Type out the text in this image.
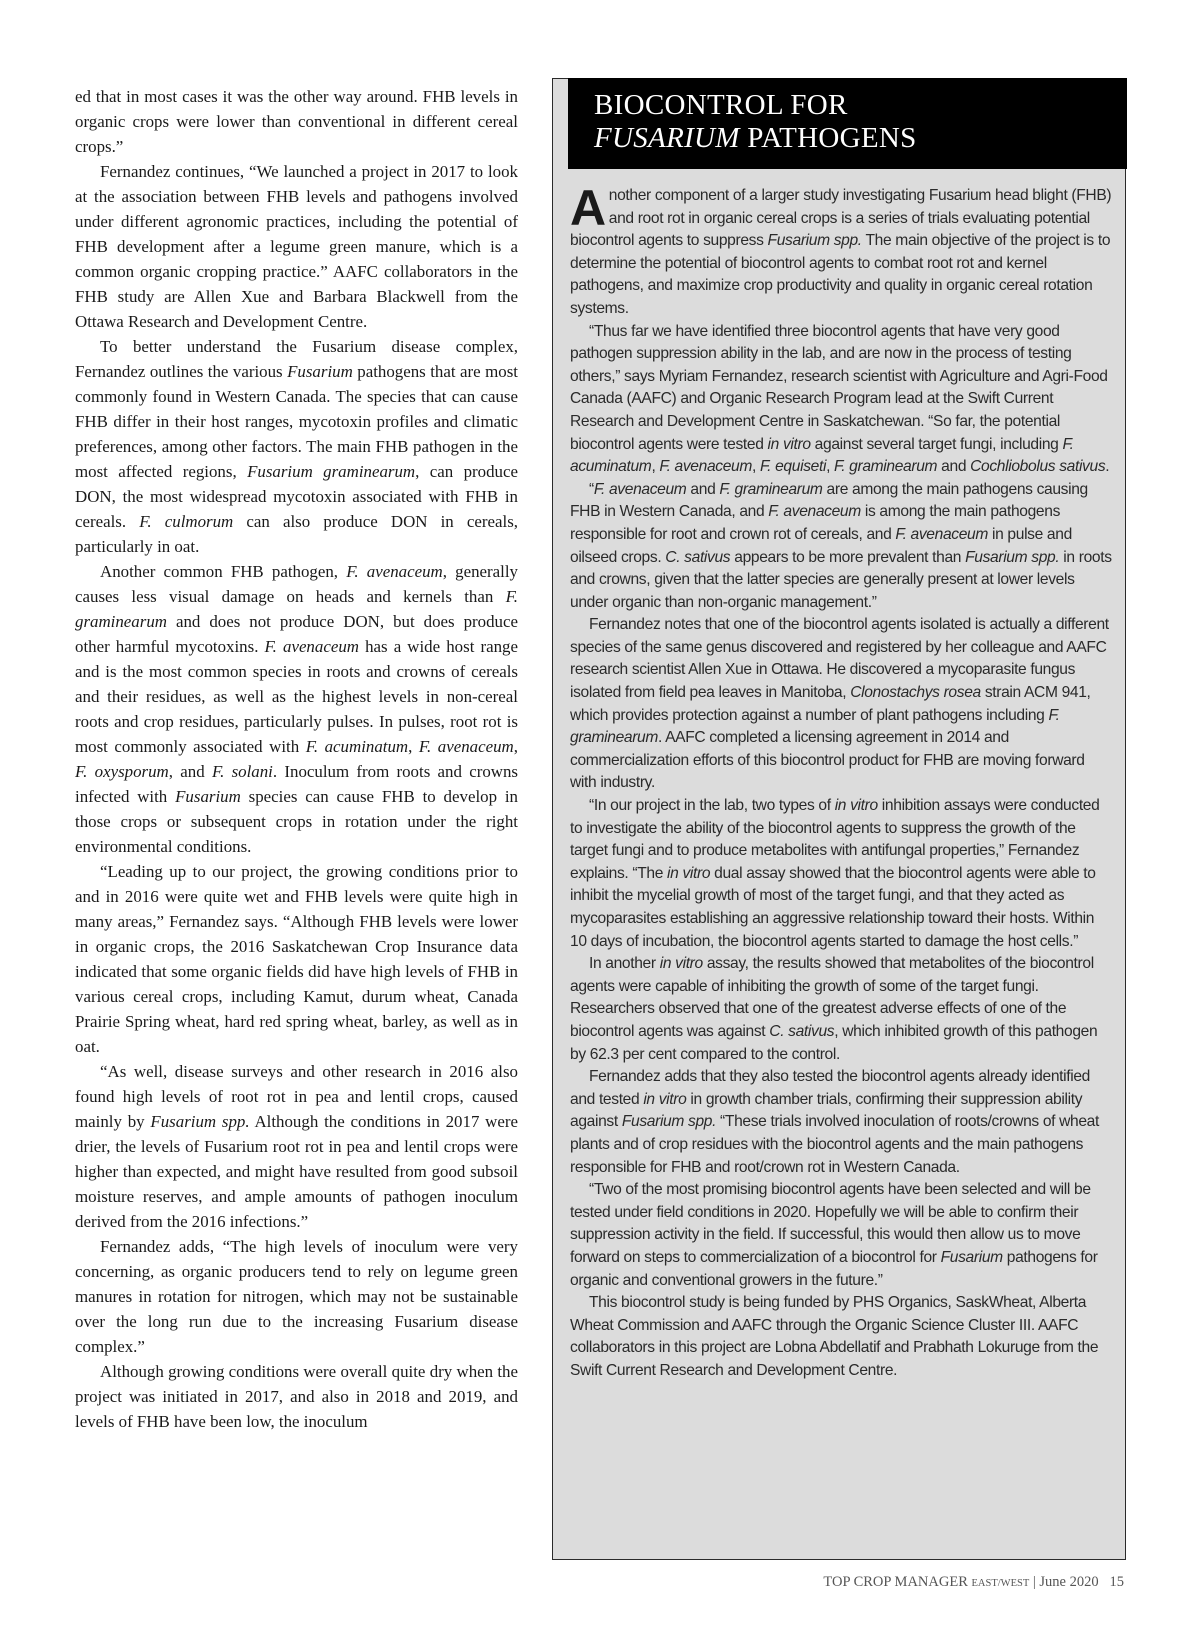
ed that in most cases it was the other way around. FHB levels in organic crops were lower than conventional in different cereal crops.”

Fernandez continues, “We launched a project in 2017 to look at the association between FHB levels and pathogens involved under different agronomic practices, including the potential of FHB development after a legume green manure, which is a common organic cropping practice.” AAFC collaborators in the FHB study are Allen Xue and Barbara Blackwell from the Ottawa Research and Development Centre.

To better understand the Fusarium disease complex, Fernandez outlines the various Fusarium pathogens that are most commonly found in Western Canada. The species that can cause FHB differ in their host ranges, mycotoxin profiles and climatic preferences, among other factors. The main FHB pathogen in the most affected regions, Fusarium graminearum, can produce DON, the most widespread mycotoxin associated with FHB in cereals. F. culmorum can also produce DON in cereals, particularly in oat.

Another common FHB pathogen, F. avenaceum, generally causes less visual damage on heads and kernels than F. graminearum and does not produce DON, but does produce other harmful mycotoxins. F. avenaceum has a wide host range and is the most common species in roots and crowns of cereals and their residues, as well as the highest levels in non-cereal roots and crop residues, particularly pulses. In pulses, root rot is most commonly associated with F. acuminatum, F. avenaceum, F. oxysporum, and F. solani. Inoculum from roots and crowns infected with Fusarium species can cause FHB to develop in those crops or subsequent crops in rotation under the right environmental conditions.

“Leading up to our project, the growing conditions prior to and in 2016 were quite wet and FHB levels were quite high in many areas,” Fernandez says. “Although FHB levels were lower in organic crops, the 2016 Saskatchewan Crop Insurance data indicated that some organic fields did have high levels of FHB in various cereal crops, including Kamut, durum wheat, Canada Prairie Spring wheat, hard red spring wheat, barley, as well as in oat.

“As well, disease surveys and other research in 2016 also found high levels of root rot in pea and lentil crops, caused mainly by Fusarium spp. Although the conditions in 2017 were drier, the levels of Fusarium root rot in pea and lentil crops were higher than expected, and might have resulted from good subsoil moisture reserves, and ample amounts of pathogen inoculum derived from the 2016 infections.”

Fernandez adds, “The high levels of inoculum were very concerning, as organic producers tend to rely on legume green manures in rotation for nitrogen, which may not be sustainable over the long run due to the increasing Fusarium disease complex.”

Although growing conditions were overall quite dry when the project was initiated in 2017, and also in 2018 and 2019, and levels of FHB have been low, the inoculum

BIOCONTROL FOR
FUSARIUM PATHOGENS

Another component of a larger study investigating Fusarium head blight (FHB) and root rot in organic cereal crops is a series of trials evaluating potential biocontrol agents to suppress Fusarium spp. The main objective of the project is to determine the potential of biocontrol agents to combat root rot and kernel pathogens, and maximize crop productivity and quality in organic cereal rotation systems.

“Thus far we have identified three biocontrol agents that have very good pathogen suppression ability in the lab, and are now in the process of testing others,” says Myriam Fernandez, research scientist with Agriculture and Agri-Food Canada (AAFC) and Organic Research Program lead at the Swift Current Research and Development Centre in Saskatchewan. “So far, the potential biocontrol agents were tested in vitro against several target fungi, including F. acuminatum, F. avenaceum, F. equiseti, F. graminearum and Cochliobolus sativus.

“F. avenaceum and F. graminearum are among the main pathogens causing FHB in Western Canada, and F. avenaceum is among the main pathogens responsible for root and crown rot of cereals, and F. avenaceum in pulse and oilseed crops. C. sativus appears to be more prevalent than Fusarium spp. in roots and crowns, given that the latter species are generally present at lower levels under organic than non-organic management.”

Fernandez notes that one of the biocontrol agents isolated is actually a different species of the same genus discovered and registered by her colleague and AAFC research scientist Allen Xue in Ottawa. He discovered a mycoparasite fungus isolated from field pea leaves in Manitoba, Clonostachys rosea strain ACM 941, which provides protection against a number of plant pathogens including F. graminearum. AAFC completed a licensing agreement in 2014 and commercialization efforts of this biocontrol product for FHB are moving forward with industry.

“In our project in the lab, two types of in vitro inhibition assays were conducted to investigate the ability of the biocontrol agents to suppress the growth of the target fungi and to produce metabolites with antifungal properties,” Fernandez explains. “The in vitro dual assay showed that the biocontrol agents were able to inhibit the mycelial growth of most of the target fungi, and that they acted as mycoparasites establishing an aggressive relationship toward their hosts. Within 10 days of incubation, the biocontrol agents started to damage the host cells.”

In another in vitro assay, the results showed that metabolites of the biocontrol agents were capable of inhibiting the growth of some of the target fungi. Researchers observed that one of the greatest adverse effects of one of the biocontrol agents was against C. sativus, which inhibited growth of this pathogen by 62.3 per cent compared to the control.

Fernandez adds that they also tested the biocontrol agents already identified and tested in vitro in growth chamber trials, confirming their suppression ability against Fusarium spp. “These trials involved inoculation of roots/crowns of wheat plants and of crop residues with the biocontrol agents and the main pathogens responsible for FHB and root/crown rot in Western Canada.

“Two of the most promising biocontrol agents have been selected and will be tested under field conditions in 2020. Hopefully we will be able to confirm their suppression activity in the field. If successful, this would then allow us to move forward on steps to commercialization of a biocontrol for Fusarium pathogens for organic and conventional growers in the future.”

This biocontrol study is being funded by PHS Organics, SaskWheat, Alberta Wheat Commission and AAFC through the Organic Science Cluster III. AAFC collaborators in this project are Lobna Abdellatif and Prabhath Lokuruge from the Swift Current Research and Development Centre.

TOP CROP MANAGER EAST/WEST | June 2020 15
